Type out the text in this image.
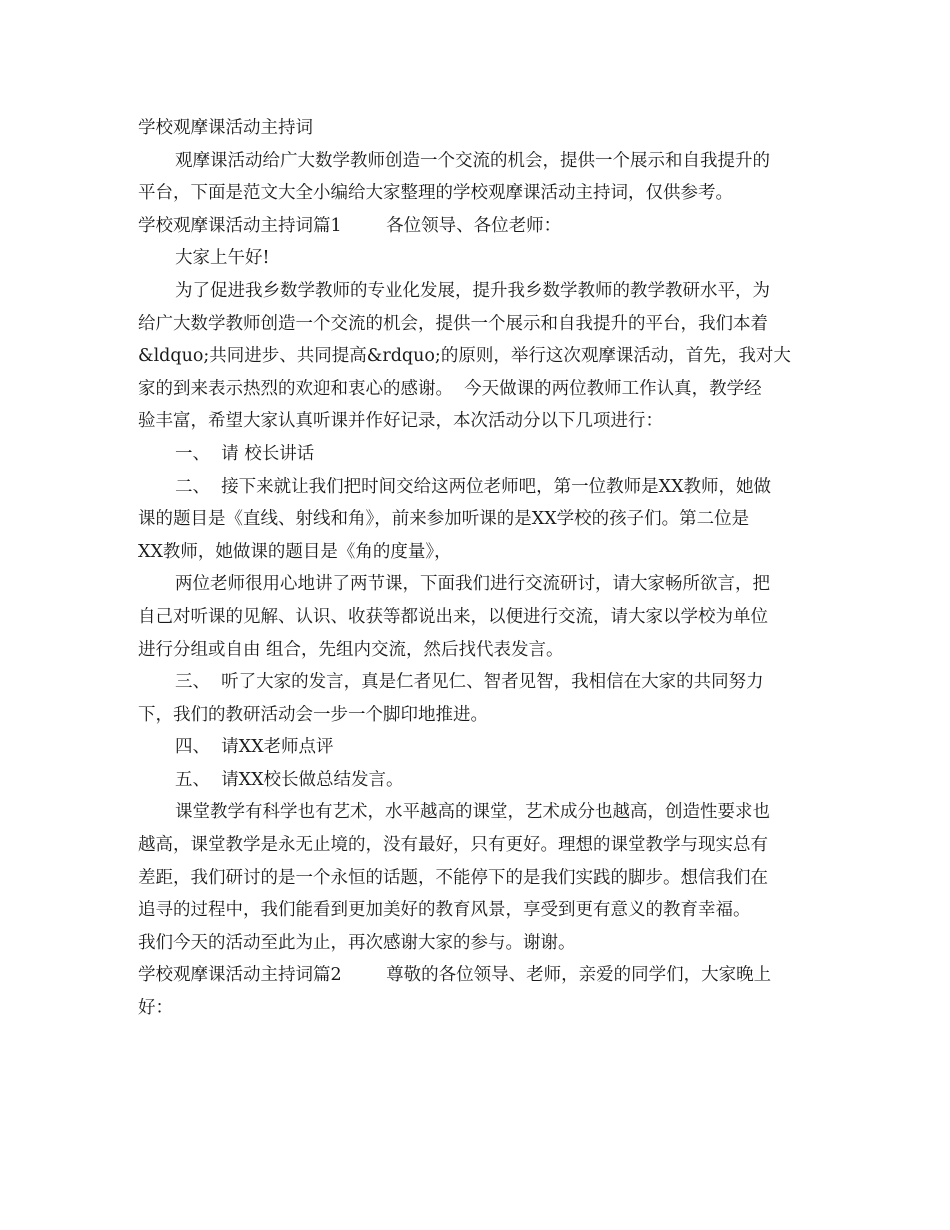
学校观摩课活动主持词

观摩课活动给广大数学教师创造一个交流的机会，提供一个展示和自我提升的

平台，下面是范文大全小编给大家整理的学校观摩课活动主持词，仅供参考。

学校观摩课活动主持词篇1        各位领导、各位老师：

大家上午好!

为了促进我乡数学教师的专业化发展，提升我乡数学教师的教学教研水平，为

给广大数学教师创造一个交流的机会，提供一个展示和自我提升的平台，我们本着

&ldquo;共同进步、共同提高&rdquo;的原则，举行这次观摩课活动，首先，我对大

家的到来表示热烈的欢迎和衷心的感谢。  今天做课的两位教师工作认真，教学经

验丰富，希望大家认真听课并作好记录，本次活动分以下几项进行：

一、  请 校长讲话

二、  接下来就让我们把时间交给这两位老师吧，第一位教师是XX教师，她做

课的题目是《直线、射线和角》，前来参加听课的是XX学校的孩子们。第二位是

XX教师，她做课的题目是《角的度量》，

两位老师很用心地讲了两节课，下面我们进行交流研讨，请大家畅所欲言，把

自己对听课的见解、认识、收获等都说出来，以便进行交流，请大家以学校为单位

进行分组或自由 组合，先组内交流，然后找代表发言。

三、  听了大家的发言，真是仁者见仁、智者见智，我相信在大家的共同努力

下，我们的教研活动会一步一个脚印地推进。

四、  请XX老师点评

五、  请XX校长做总结发言。

课堂教学有科学也有艺术，水平越高的课堂，艺术成分也越高，创造性要求也

越高，课堂教学是永无止境的，没有最好，只有更好。理想的课堂教学与现实总有

差距，我们研讨的是一个永恒的话题，不能停下的是我们实践的脚步。想信我们在

追寻的过程中，我们能看到更加美好的教育风景，享受到更有意义的教育幸福。

我们今天的活动至此为止，再次感谢大家的参与。谢谢。

学校观摩课活动主持词篇2        尊敬的各位领导、老师，亲爱的同学们，大家晚上

好：
